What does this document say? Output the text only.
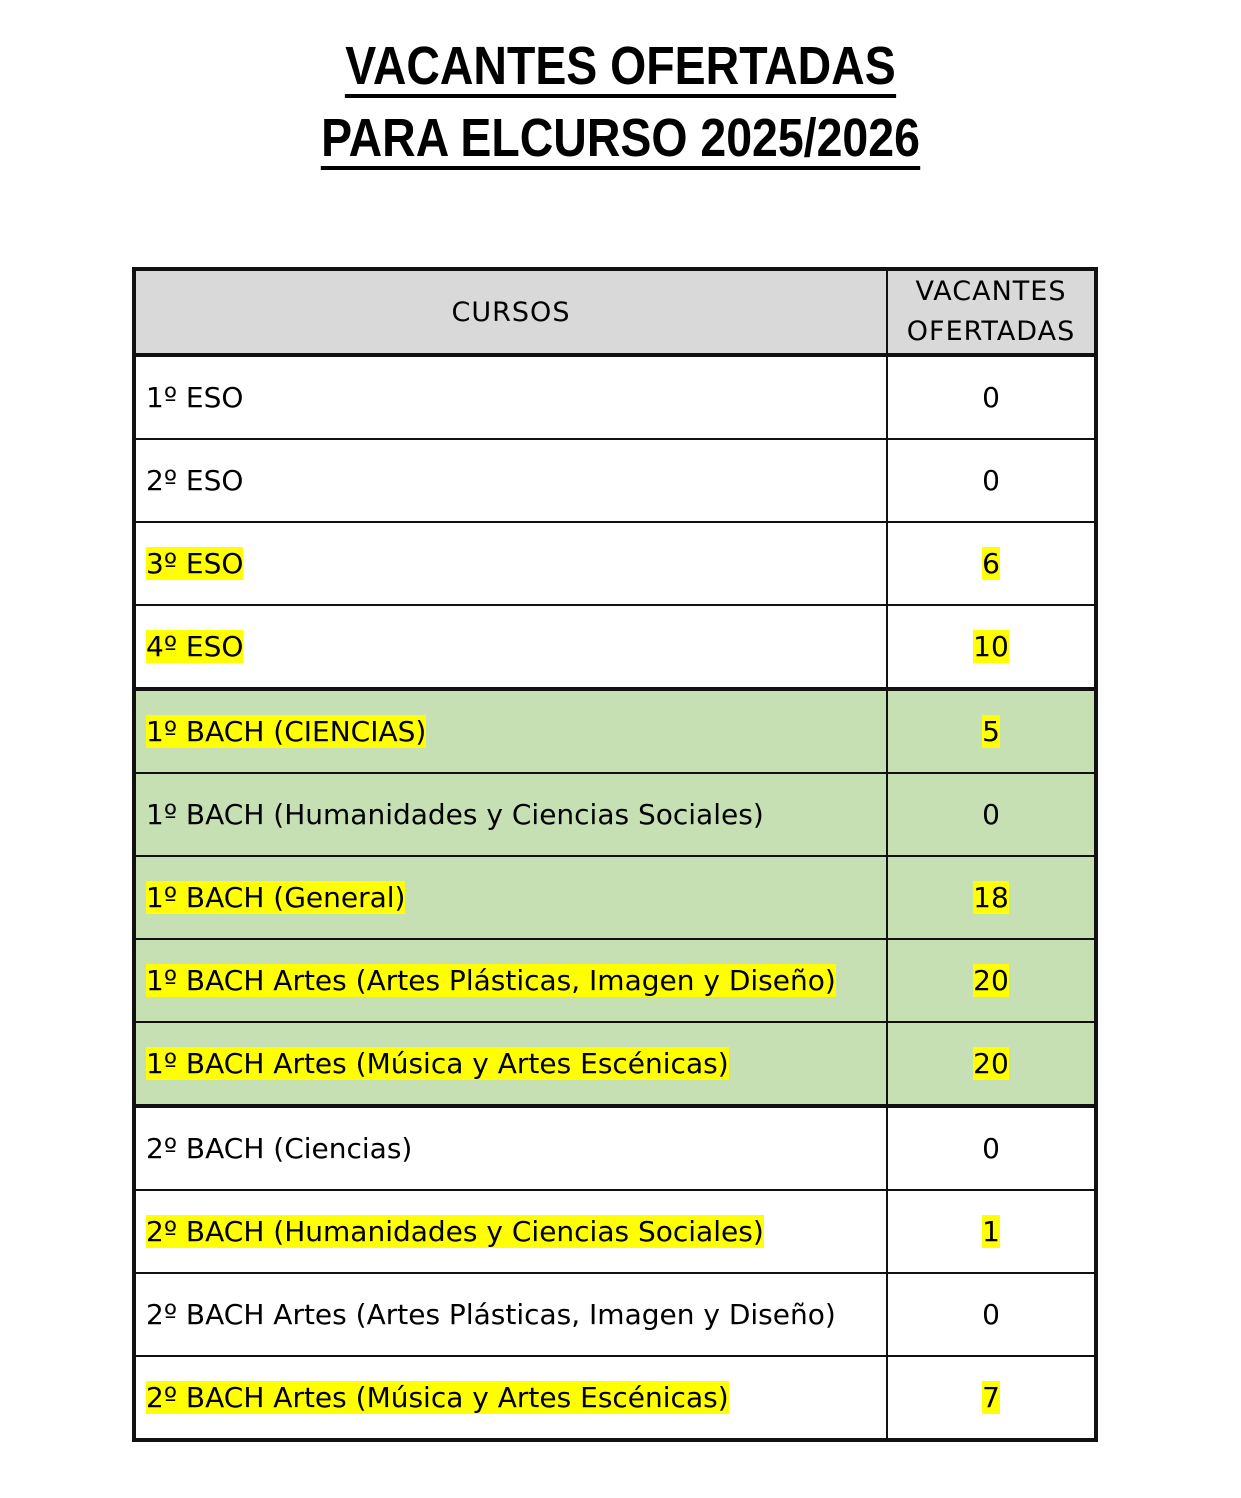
VACANTES OFERTADAS
PARA ELCURSO 2025/2026
CURSOS	VACANTES
OFERTADAS
1º ESO	0
2º ESO	0
3º ESO	6
4º ESO	10
1º BACH (CIENCIAS)	5
1º BACH (Humanidades y Ciencias Sociales)	0
1º BACH (General)	18
1º BACH Artes (Artes Plásticas, Imagen y Diseño)	20
1º BACH Artes (Música y Artes Escénicas)	20
2º BACH (Ciencias)	0
2º BACH (Humanidades y Ciencias Sociales)	1
2º BACH Artes (Artes Plásticas, Imagen y Diseño)	0
2º BACH Artes (Música y Artes Escénicas)	7
